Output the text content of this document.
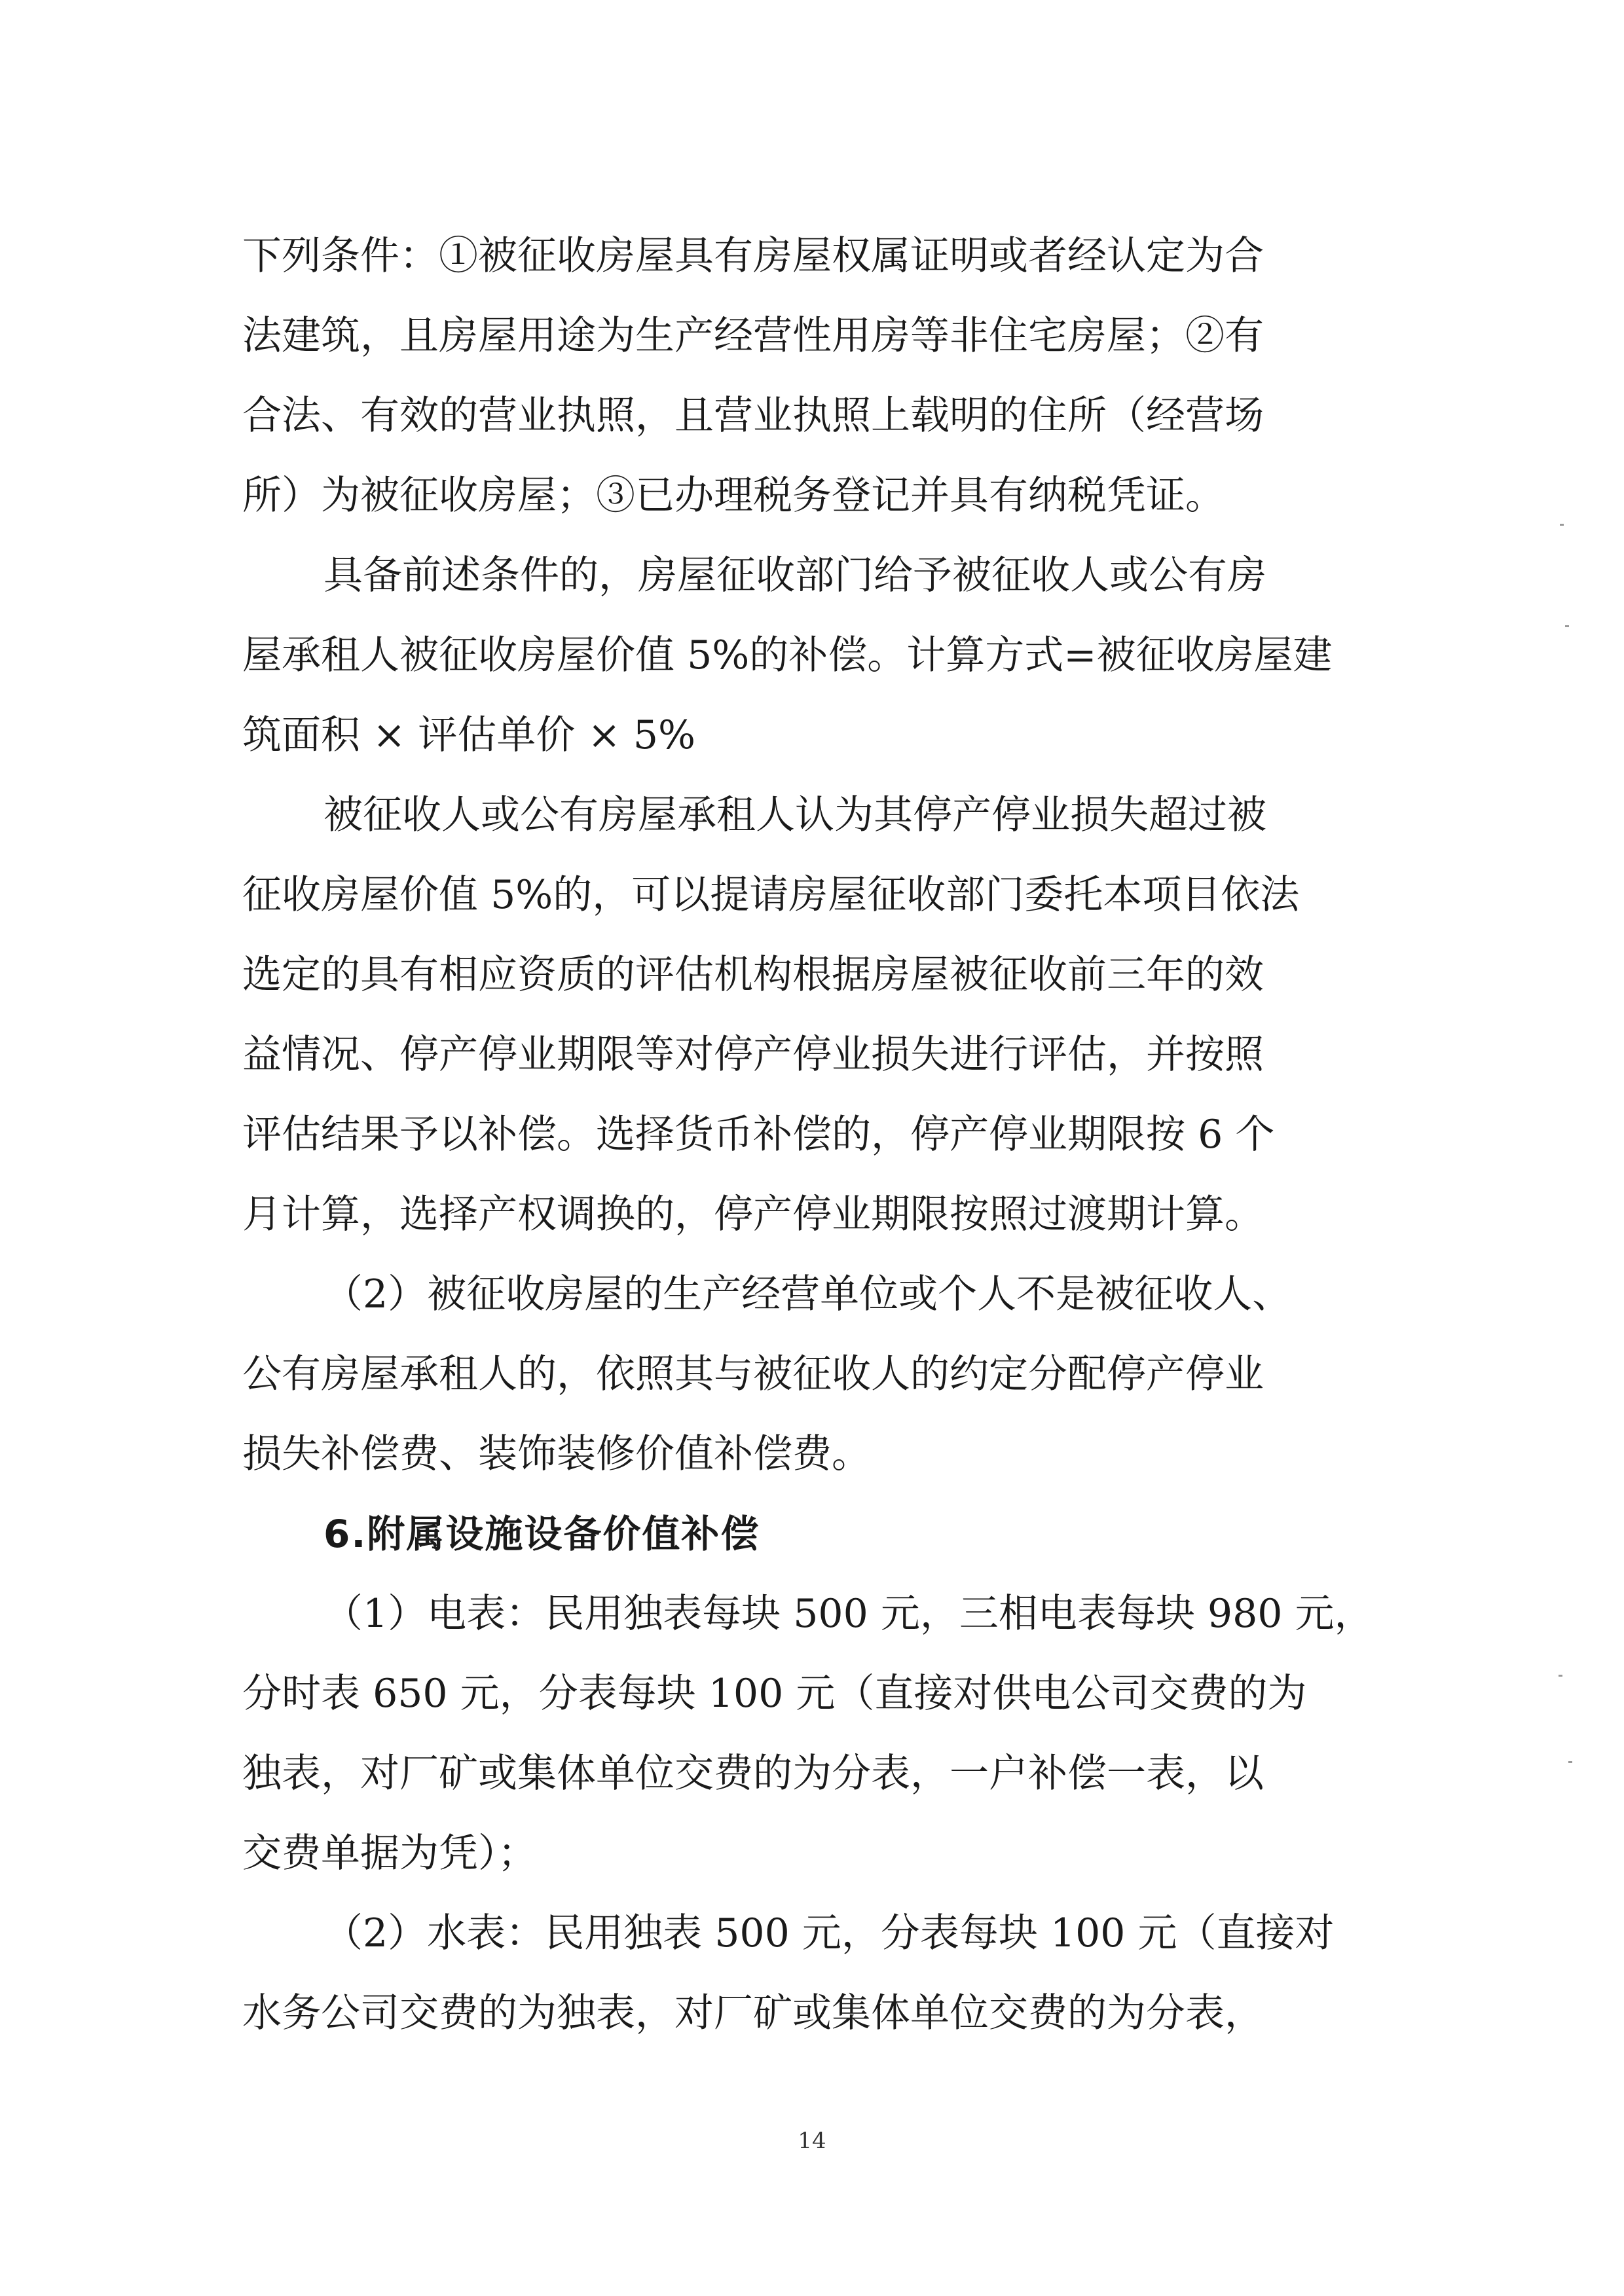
下列条件：①被征收房屋具有房屋权属证明或者经认定为合
法建筑，且房屋用途为生产经营性用房等非住宅房屋；②有
合法、有效的营业执照，且营业执照上载明的住所（经营场
所）为被征收房屋；③已办理税务登记并具有纳税凭证。
具备前述条件的，房屋征收部门给予被征收人或公有房
屋承租人被征收房屋价值 5%的补偿。计算方式=被征收房屋建
筑面积 × 评估单价 × 5%
被征收人或公有房屋承租人认为其停产停业损失超过被
征收房屋价值 5%的，可以提请房屋征收部门委托本项目依法
选定的具有相应资质的评估机构根据房屋被征收前三年的效
益情况、停产停业期限等对停产停业损失进行评估，并按照
评估结果予以补偿。选择货币补偿的，停产停业期限按 6 个
月计算，选择产权调换的，停产停业期限按照过渡期计算。
（2）被征收房屋的生产经营单位或个人不是被征收人、
公有房屋承租人的，依照其与被征收人的约定分配停产停业
损失补偿费、装饰装修价值补偿费。
6.附属设施设备价值补偿
（1）电表：民用独表每块 500 元，三相电表每块 980 元，
分时表 650 元，分表每块 100 元（直接对供电公司交费的为
独表，对厂矿或集体单位交费的为分表，一户补偿一表，以
交费单据为凭）；
（2）水表：民用独表 500 元，分表每块 100 元（直接对
水务公司交费的为独表，对厂矿或集体单位交费的为分表，
14
